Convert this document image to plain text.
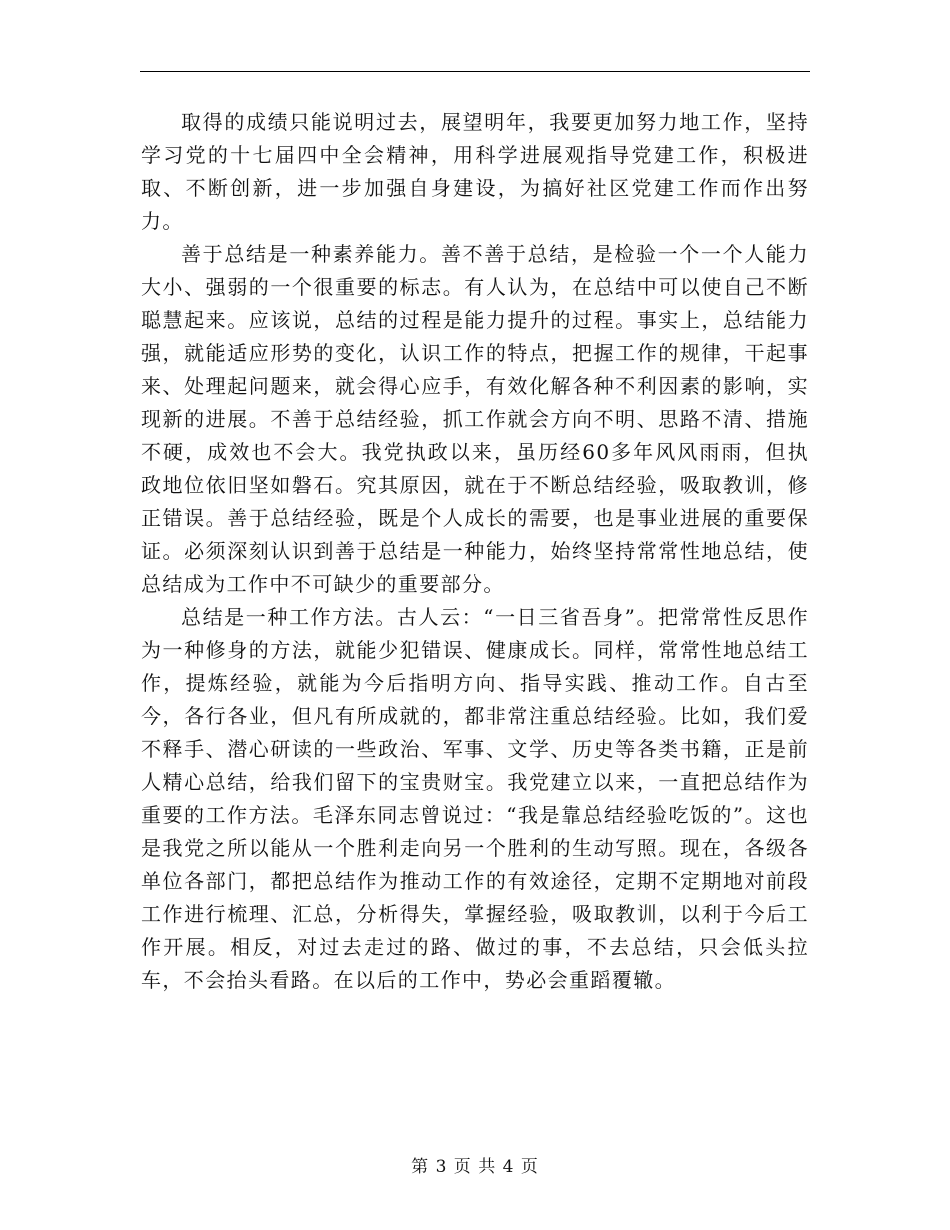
取得的成绩只能说明过去，展望明年，我要更加努力地工作，坚持学习党的十七届四中全会精神，用科学进展观指导党建工作，积极进取、不断创新，进一步加强自身建设，为搞好社区党建工作而作出努力。

善于总结是一种素养能力。善不善于总结，是检验一个一个人能力大小、强弱的一个很重要的标志。有人认为，在总结中可以使自己不断聪慧起来。应该说，总结的过程是能力提升的过程。事实上，总结能力强，就能适应形势的变化，认识工作的特点，把握工作的规律，干起事来、处理起问题来，就会得心应手，有效化解各种不利因素的影响，实现新的进展。不善于总结经验，抓工作就会方向不明、思路不清、措施不硬，成效也不会大。我党执政以来，虽历经60多年风风雨雨，但执政地位依旧坚如磐石。究其原因，就在于不断总结经验，吸取教训，修正错误。善于总结经验，既是个人成长的需要，也是事业进展的重要保证。必须深刻认识到善于总结是一种能力，始终坚持常常性地总结，使总结成为工作中不可缺少的重要部分。

总结是一种工作方法。古人云：“一日三省吾身”。把常常性反思作为一种修身的方法，就能少犯错误、健康成长。同样，常常性地总结工作，提炼经验，就能为今后指明方向、指导实践、推动工作。自古至今，各行各业，但凡有所成就的，都非常注重总结经验。比如，我们爱不释手、潜心研读的一些政治、军事、文学、历史等各类书籍，正是前人精心总结，给我们留下的宝贵财宝。我党建立以来，一直把总结作为重要的工作方法。毛泽东同志曾说过：“我是靠总结经验吃饭的”。这也是我党之所以能从一个胜利走向另一个胜利的生动写照。现在，各级各单位各部门，都把总结作为推动工作的有效途径，定期不定期地对前段工作进行梳理、汇总，分析得失，掌握经验，吸取教训，以利于今后工作开展。相反，对过去走过的路、做过的事，不去总结，只会低头拉车，不会抬头看路。在以后的工作中，势必会重蹈覆辙。

第 3 页 共 4 页
